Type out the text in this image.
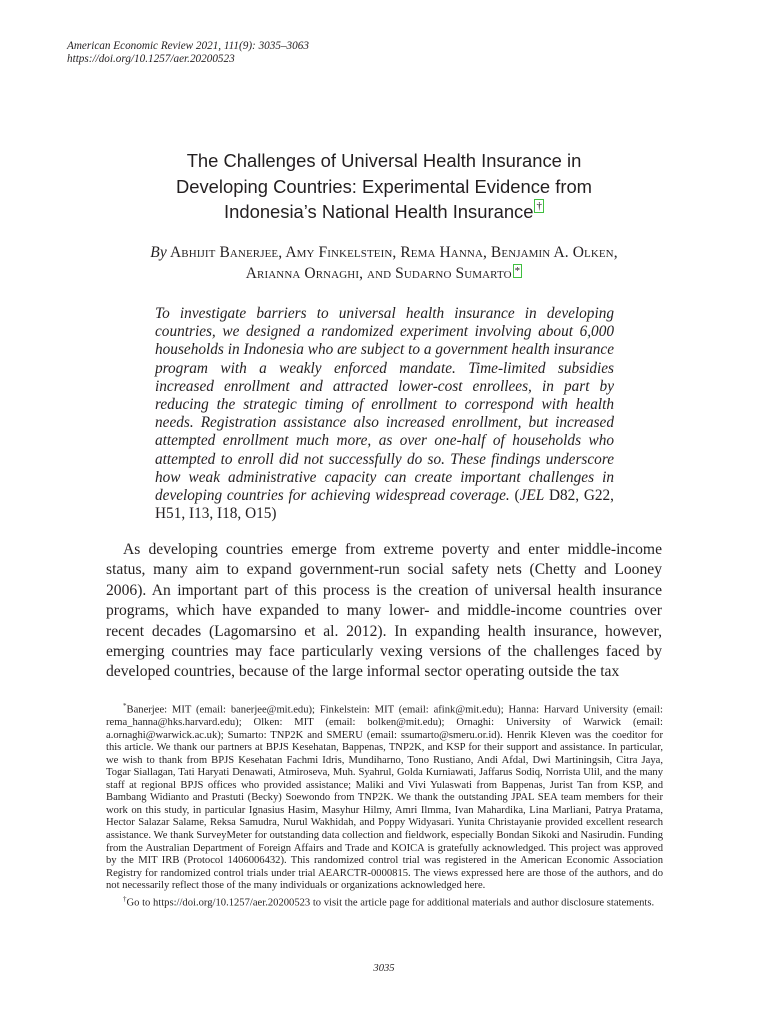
American Economic Review 2021, 111(9): 3035–3063
https://doi.org/10.1257/aer.20200523
The Challenges of Universal Health Insurance in
Developing Countries: Experimental Evidence from
Indonesia’s National Health Insurance †
By Abhijit Banerjee, Amy Finkelstein, Rema Hanna, Benjamin A. Olken,
Arianna Ornaghi, and Sudarno Sumarto *
To investigate barriers to universal health insurance in developing countries, we designed a randomized experiment involving about 6,000 households in Indonesia who are subject to a government health insurance program with a weakly enforced mandate. Time-limited subsidies increased enrollment and attracted lower-cost enrollees, in part by reducing the strategic timing of enrollment to correspond with health needs. Registration assistance also increased enrollment, but increased attempted enrollment much more, as over one-half of households who attempted to enroll did not successfully do so. These findings underscore how weak administrative capacity can create important challenges in developing countries for achieving widespread coverage. (JEL D82, G22, H51, I13, I18, O15)

As developing countries emerge from extreme poverty and enter middle-income status, many aim to expand government-run social safety nets (Chetty and Looney 2006). An important part of this process is the creation of universal health insurance programs, which have expanded to many lower- and middle-income countries over recent decades (Lagomarsino et al. 2012). In expanding health insurance, however, emerging countries may face particularly vexing versions of the challenges faced by developed countries, because of the large informal sector operating outside the tax

*Banerjee: MIT (email: banerjee@mit.edu); Finkelstein: MIT (email: afink@mit.edu); Hanna: Harvard University (email: rema_hanna@hks.harvard.edu); Olken: MIT (email: bolken@mit.edu); Ornaghi: University of Warwick (email: a.ornaghi@warwick.ac.uk); Sumarto: TNP2K and SMERU (email: ssumarto@smeru.or.id). Henrik Kleven was the coeditor for this article. We thank our partners at BPJS Kesehatan, Bappenas, TNP2K, and KSP for their support and assistance. In particular, we wish to thank from BPJS Kesehatan Fachmi Idris, Mundiharno, Tono Rustiano, Andi Afdal, Dwi Martiningsih, Citra Jaya, Togar Siallagan, Tati Haryati Denawati, Atmiroseva, Muh. Syahrul, Golda Kurniawati, Jaffarus Sodiq, Norrista Ulil, and the many staff at regional BPJS offices who provided assistance; Maliki and Vivi Yulaswati from Bappenas, Jurist Tan from KSP, and Bambang Widianto and Prastuti (Becky) Soewondo from TNP2K. We thank the outstanding JPAL SEA team members for their work on this study, in particular Ignasius Hasim, Masyhur Hilmy, Amri Ilmma, Ivan Mahardika, Lina Marliani, Patrya Pratama, Hector Salazar Salame, Reksa Samudra, Nurul Wakhidah, and Poppy Widyasari. Yunita Christayanie provided excellent research assistance. We thank SurveyMeter for outstanding data collection and fieldwork, especially Bondan Sikoki and Nasirudin. Funding from the Australian Department of Foreign Affairs and Trade and KOICA is gratefully acknowledged. This project was approved by the MIT IRB (Protocol 1406006432). This randomized control trial was registered in the American Economic Association Registry for randomized control trials under trial AEARCTR-0000815. The views expressed here are those of the authors, and do not necessarily reflect those of the many individuals or organizations acknowledged here.

†Go to https://doi.org/10.1257/aer.20200523 to visit the article page for additional materials and author disclosure statements.

3035
